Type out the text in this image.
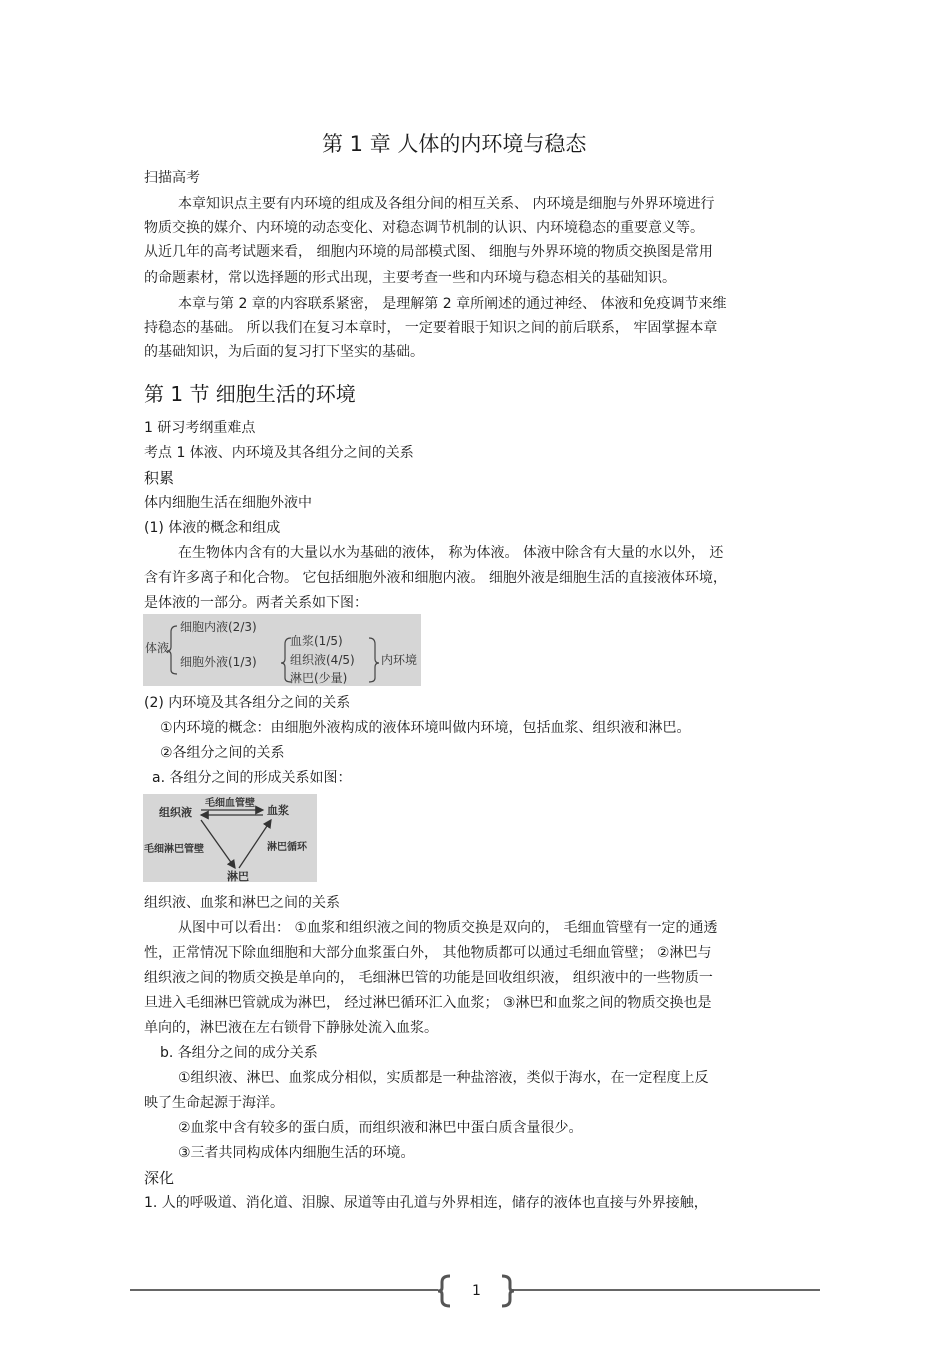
第 1 章 人体的内环境与稳态
扫描高考
本章知识点主要有内环境的组成及各组分间的相互关系、 内环境是细胞与外界环境进行
物质交换的媒介、内环境的动态变化、对稳态调节机制的认识、内环境稳态的重要意义等。
从近几年的高考试题来看， 细胞内环境的局部模式图、 细胞与外界环境的物质交换图是常用
的命题素材，常以选择题的形式出现，主要考查一些和内环境与稳态相关的基础知识。
本章与第 2 章的内容联系紧密， 是理解第 2 章所阐述的通过神经、 体液和免疫调节来维
持稳态的基础。 所以我们在复习本章时， 一定要着眼于知识之间的前后联系， 牢固掌握本章
的基础知识，为后面的复习打下坚实的基础。
第 1 节 细胞生活的环境
1 研习考纲重难点
考点 1 体液、内环境及其各组分之间的关系
积累
体内细胞生活在细胞外液中
(1) 体液的概念和组成
在生物体内含有的大量以水为基础的液体， 称为体液。 体液中除含有大量的水以外， 还
含有许多离子和化合物。 它包括细胞外液和细胞内液。 细胞外液是细胞生活的直接液体环境，
是体液的一部分。两者关系如下图：
体液
细胞内液(2/3)
细胞外液(1/3)
血浆(1/5)
组织液(4/5)
淋巴(少量)
内环境
(2) 内环境及其各组分之间的关系
①内环境的概念：由细胞外液构成的液体环境叫做内环境，包括血浆、组织液和淋巴。
②各组分之间的关系
a. 各组分之间的形成关系如图：
组织液
毛细血管壁
血浆
毛细淋巴管壁	淋巴循环
淋巴
组织液、血浆和淋巴之间的关系
从图中可以看出： ①血浆和组织液之间的物质交换是双向的， 毛细血管壁有一定的通透
性，正常情况下除血细胞和大部分血浆蛋白外， 其他物质都可以通过毛细血管壁； ②淋巴与
组织液之间的物质交换是单向的， 毛细淋巴管的功能是回收组织液， 组织液中的一些物质一
旦进入毛细淋巴管就成为淋巴， 经过淋巴循环汇入血浆； ③淋巴和血浆之间的物质交换也是
单向的，淋巴液在左右锁骨下静脉处流入血浆。
b. 各组分之间的成分关系
①组织液、淋巴、血浆成分相似，实质都是一种盐溶液，类似于海水，在一定程度上反
映了生命起源于海洋。
②血浆中含有较多的蛋白质，而组织液和淋巴中蛋白质含量很少。
③三者共同构成体内细胞生活的环境。
深化
1. 人的呼吸道、消化道、泪腺、尿道等由孔道与外界相连，储存的液体也直接与外界接触，
1
